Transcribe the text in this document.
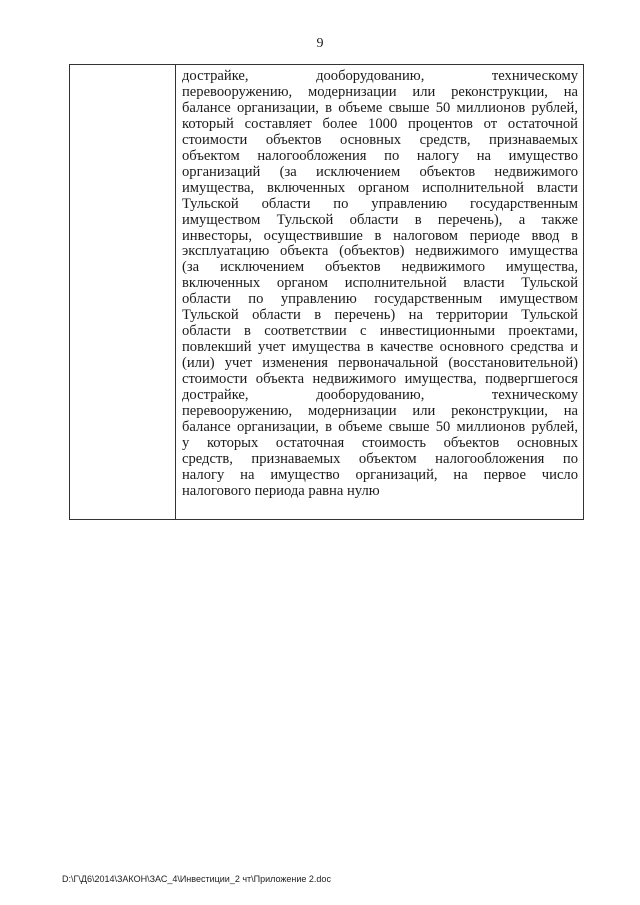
9
дострайке, дооборудованию, техническому
перевооружению, модернизации или реконструкции, на
балансе организации, в объеме свыше 50 миллионов рублей,
который составляет более 1000 процентов от остаточной
стоимости объектов основных средств, признаваемых
объектом налогообложения по налогу на имущество
организаций (за исключением объектов недвижимого
имущества, включенных органом исполнительной власти
Тульской области по управлению государственным
имуществом Тульской области в перечень), а также
инвесторы, осуществившие в налоговом периоде ввод в
эксплуатацию объекта (объектов) недвижимого имущества
(за исключением объектов недвижимого имущества,
включенных органом исполнительной власти Тульской
области по управлению государственным имуществом
Тульской области в перечень) на территории Тульской
области в соответствии с инвестиционными проектами,
повлекший учет имущества в качестве основного средства и
(или) учет изменения первоначальной (восстановительной)
стоимости объекта недвижимого имущества, подвергшегося
дострайке, дооборудованию, техническому
перевооружению, модернизации или реконструкции, на
балансе организации, в объеме свыше 50 миллионов рублей,
у которых остаточная стоимость объектов основных
средств, признаваемых объектом налогообложения по
налогу на имущество организаций, на первое число
налогового периода равна нулю
D:\Г\Д6\2014\ЗАКОН\ЗАС_4\Инвестиции_2 чт\Приложение 2.doc
